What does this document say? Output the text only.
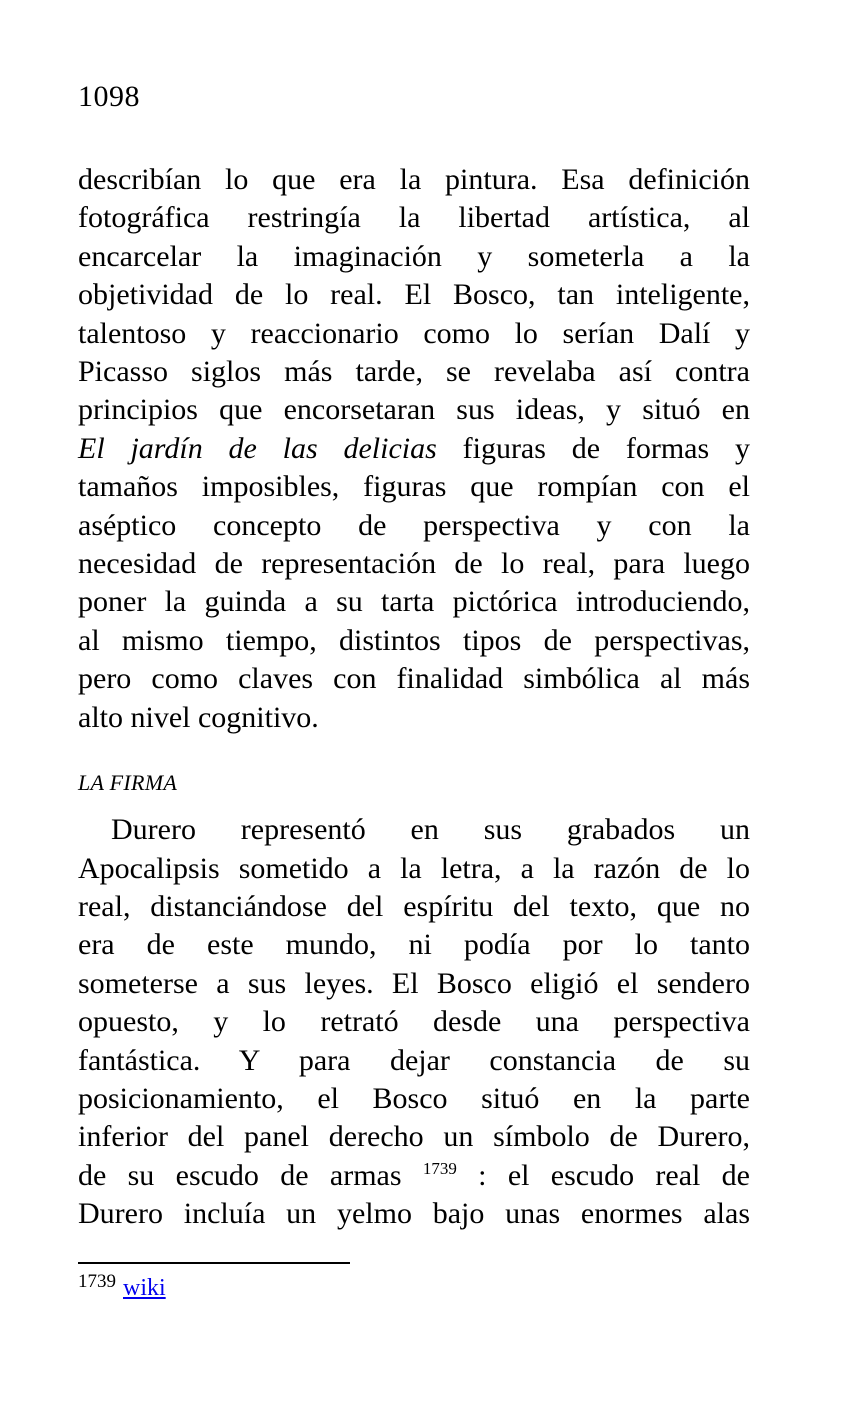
1098
describían lo que era la pintura. Esa definición
fotográfica restringía la libertad artística, al
encarcelar la imaginación y someterla a la
objetividad de lo real. El Bosco, tan inteligente,
talentoso y reaccionario como lo serían Dalí y
Picasso siglos más tarde, se revelaba así contra
principios que encorsetaran sus ideas, y situó en
El jardín de las delicias figuras de formas y
tamaños imposibles, figuras que rompían con el
aséptico concepto de perspectiva y con la
necesidad de representación de lo real, para luego
poner la guinda a su tarta pictórica introduciendo,
al mismo tiempo, distintos tipos de perspectivas,
pero como claves con finalidad simbólica al más
alto nivel cognitivo.
LA FIRMA
Durero representó en sus grabados un
Apocalipsis sometido a la letra, a la razón de lo
real, distanciándose del espíritu del texto, que no
era de este mundo, ni podía por lo tanto
someterse a sus leyes. El Bosco eligió el sendero
opuesto, y lo retrató desde una perspectiva
fantástica. Y para dejar constancia de su
posicionamiento, el Bosco situó en la parte
inferior del panel derecho un símbolo de Durero,
de su escudo de armas $^{1739}$ : el escudo real de
Durero incluía un yelmo bajo unas enormes alas
$^{1739}$ wiki
